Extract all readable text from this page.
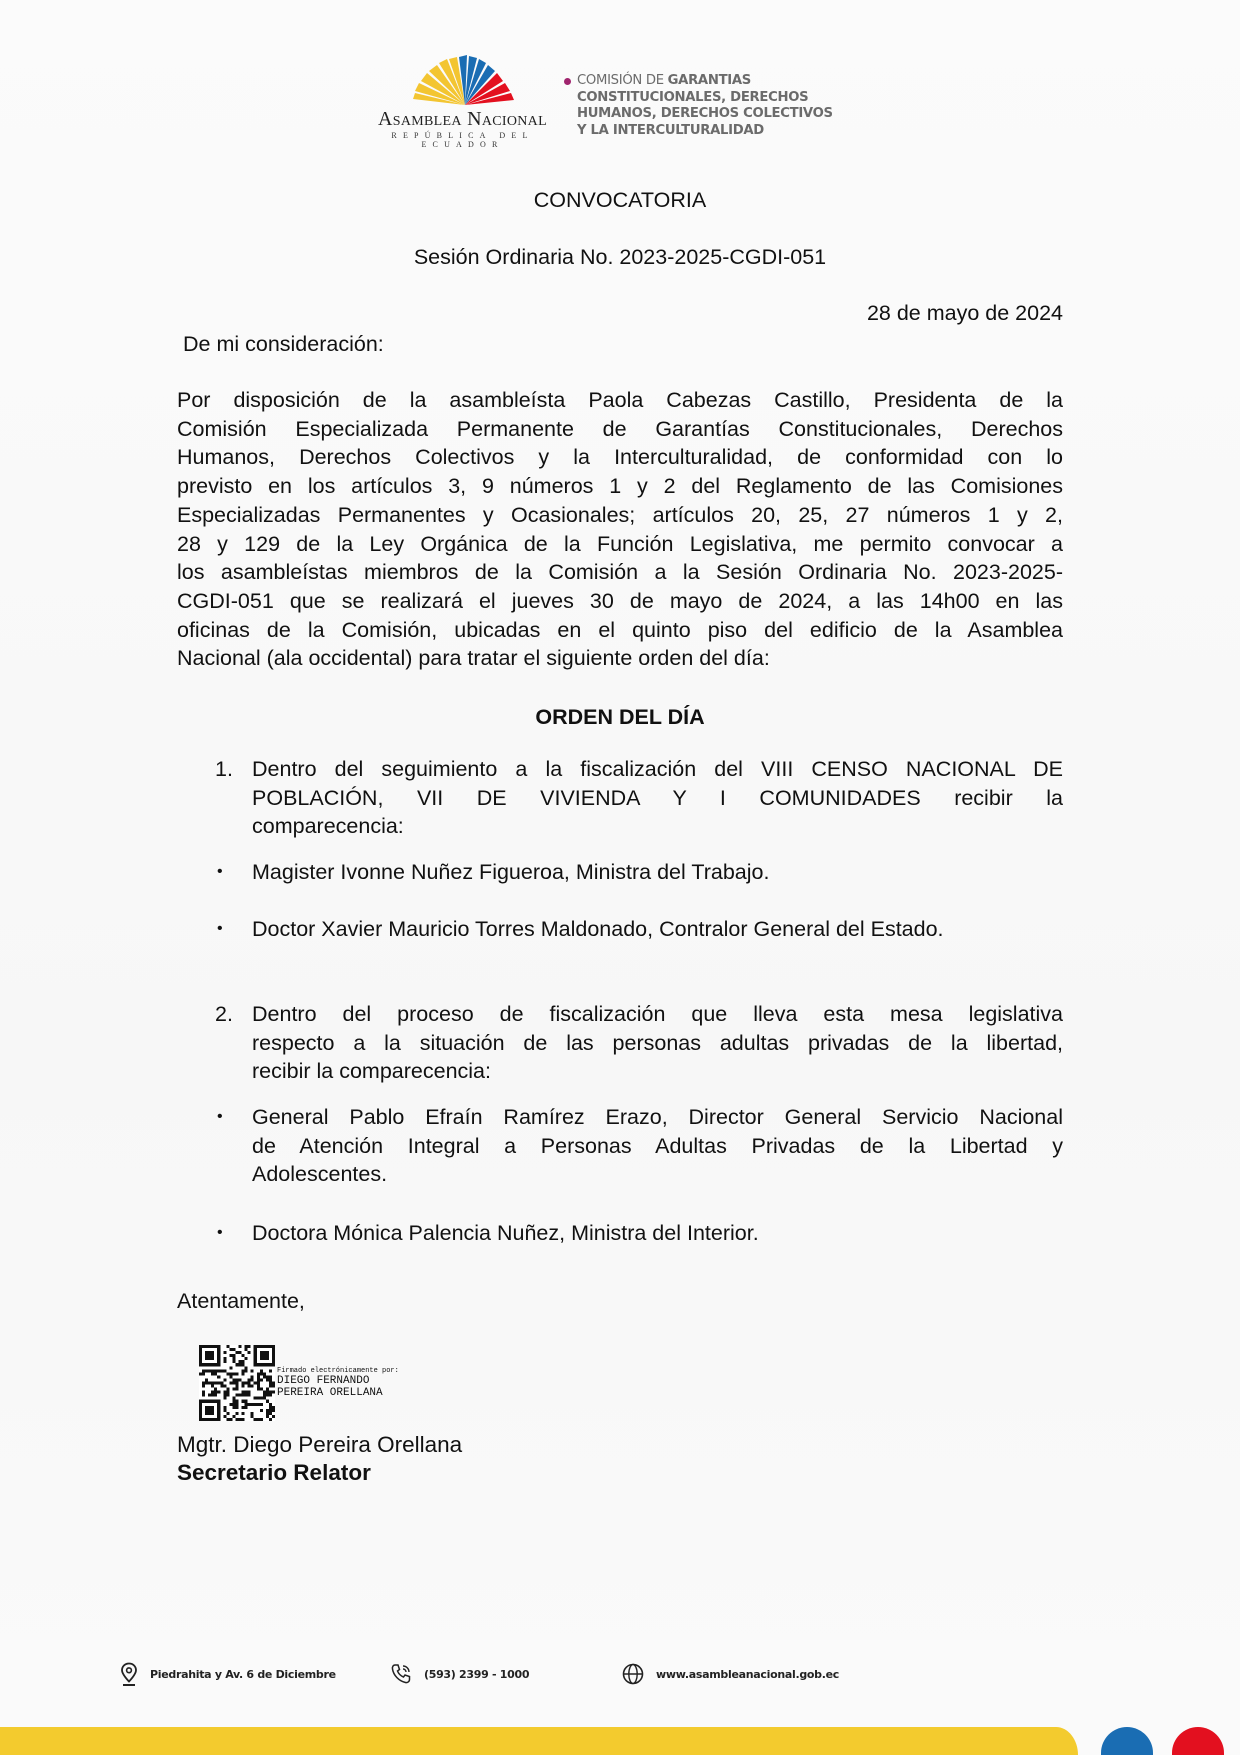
Asamblea Nacional
REPÚBLICA DEL ECUADOR
COMISIÓN DE GARANTIAS
CONSTITUCIONALES, DERECHOS
HUMANOS, DERECHOS COLECTIVOS
Y LA INTERCULTURALIDAD
CONVOCATORIA
Sesión Ordinaria No. 2023-2025-CGDI-051
28 de mayo de 2024
De mi consideración:
Por disposición de la asambleísta Paola Cabezas Castillo, Presidenta de la
Comisión Especializada Permanente de Garantías Constitucionales, Derechos
Humanos, Derechos Colectivos y la Interculturalidad, de conformidad con lo
previsto en los artículos 3, 9 números 1 y 2 del Reglamento de las Comisiones
Especializadas Permanentes y Ocasionales; artículos 20, 25, 27 números 1 y 2,
28 y 129 de la Ley Orgánica de la Función Legislativa, me permito convocar a
los asambleístas miembros de la Comisión a la Sesión Ordinaria No. 2023-2025-
CGDI-051 que se realizará el jueves 30 de mayo de 2024, a las 14h00 en las
oficinas de la Comisión, ubicadas en el quinto piso del edificio de la Asamblea
Nacional (ala occidental) para tratar el siguiente orden del día:
ORDEN DEL DÍA
1. Dentro del seguimiento a la fiscalización del VIII CENSO NACIONAL DE
POBLACIÓN, VII DE VIVIENDA Y I COMUNIDADES recibir la
comparecencia:
• Magister Ivonne Nuñez Figueroa, Ministra del Trabajo.
• Doctor Xavier Mauricio Torres Maldonado, Contralor General del Estado.
2. Dentro del proceso de fiscalización que lleva esta mesa legislativa
respecto a la situación de las personas adultas privadas de la libertad,
recibir la comparecencia:
• General Pablo Efraín Ramírez Erazo, Director General Servicio Nacional
de Atención Integral a Personas Adultas Privadas de la Libertad y
Adolescentes.
• Doctora Mónica Palencia Nuñez, Ministra del Interior.
Atentamente,
Firmado electrónicamente por:
DIEGO FERNANDO
PEREIRA ORELLANA
Mgtr. Diego Pereira Orellana
Secretario Relator
Piedrahita y Av. 6 de Diciembre	(593) 2399 - 1000	www.asambleanacional.gob.ec
